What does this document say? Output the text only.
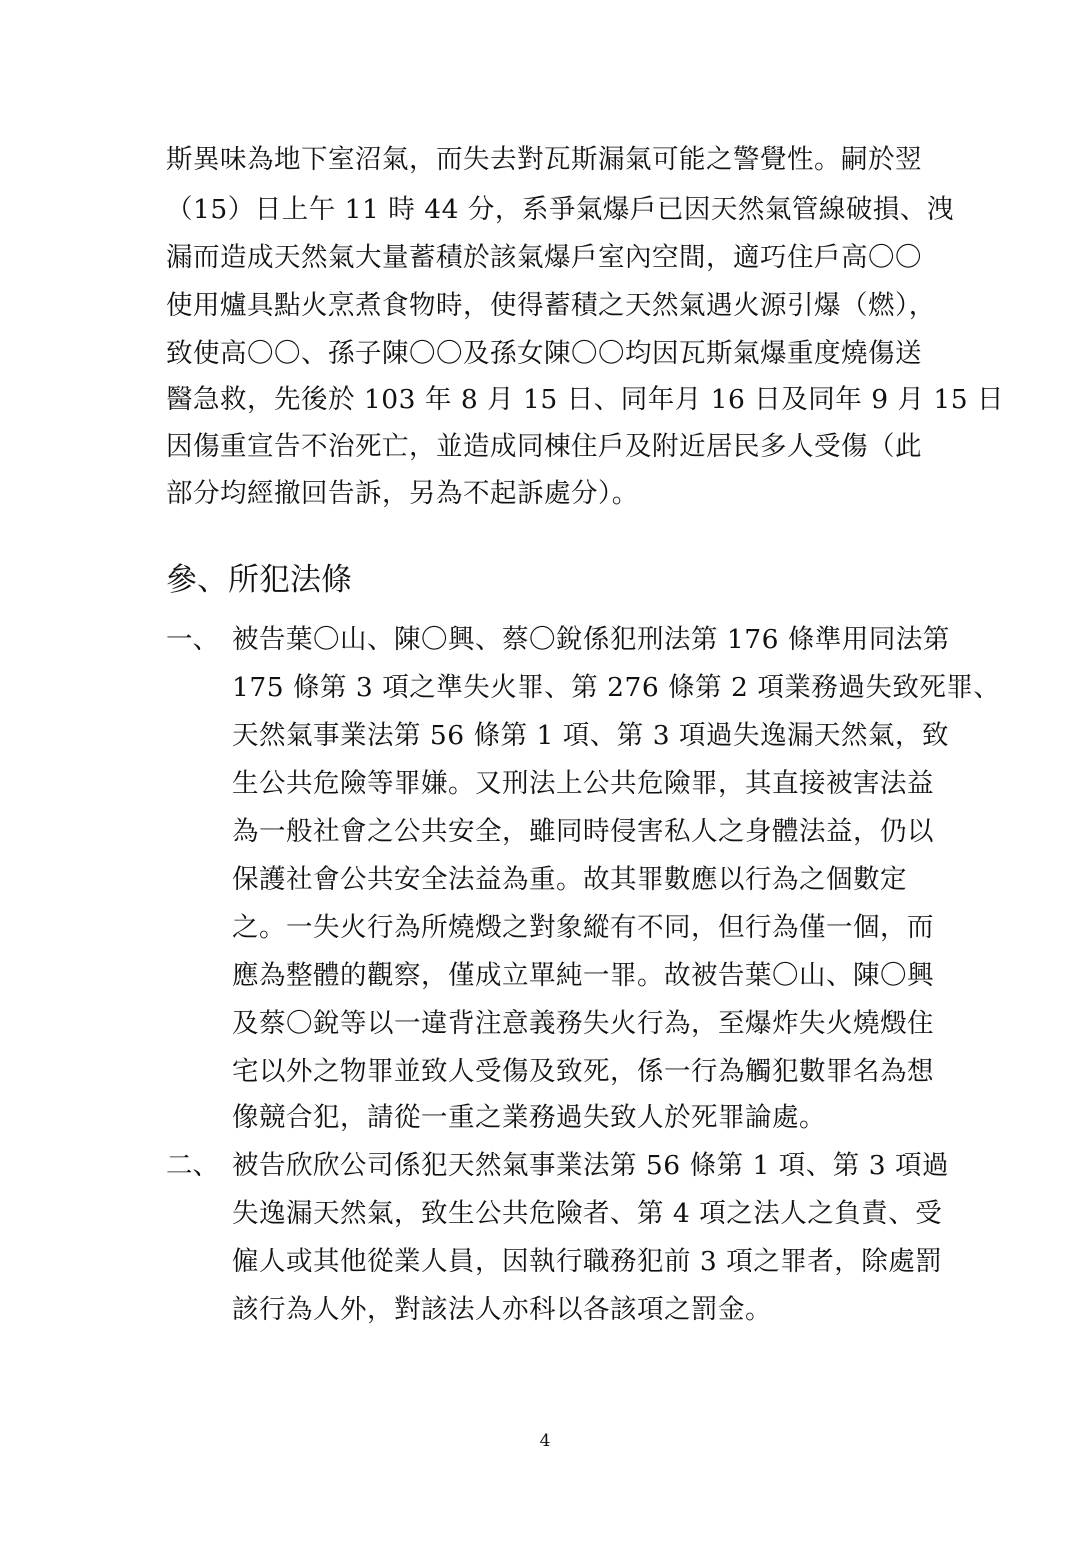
斯異味為地下室沼氣，而失去對瓦斯漏氣可能之警覺性。嗣於翌
（15）日上午 11 時 44 分，系爭氣爆戶已因天然氣管線破損、洩
漏而造成天然氣大量蓄積於該氣爆戶室內空間，適巧住戶高〇〇
使用爐具點火烹煮食物時，使得蓄積之天然氣遇火源引爆（燃），
致使高〇〇、孫子陳〇〇及孫女陳〇〇均因瓦斯氣爆重度燒傷送
醫急救，先後於 103 年 8 月 15 日、同年月 16 日及同年 9 月 15 日
因傷重宣告不治死亡，並造成同棟住戶及附近居民多人受傷（此
部分均經撤回告訴，另為不起訴處分）。
參、所犯法條
一、 被告葉〇山、陳〇興、蔡〇銳係犯刑法第 176 條準用同法第
175 條第 3 項之準失火罪、第 276 條第 2 項業務過失致死罪、
天然氣事業法第 56 條第 1 項、第 3 項過失逸漏天然氣，致
生公共危險等罪嫌。又刑法上公共危險罪，其直接被害法益
為一般社會之公共安全，雖同時侵害私人之身體法益，仍以
保護社會公共安全法益為重。故其罪數應以行為之個數定
之。一失火行為所燒燬之對象縱有不同，但行為僅一個，而
應為整體的觀察，僅成立單純一罪。故被告葉〇山、陳〇興
及蔡〇銳等以一違背注意義務失火行為，至爆炸失火燒燬住
宅以外之物罪並致人受傷及致死，係一行為觸犯數罪名為想
像競合犯，請從一重之業務過失致人於死罪論處。
二、 被告欣欣公司係犯天然氣事業法第 56 條第 1 項、第 3 項過
失逸漏天然氣，致生公共危險者、第 4 項之法人之負責、受
僱人或其他從業人員，因執行職務犯前 3 項之罪者，除處罰
該行為人外，對該法人亦科以各該項之罰金。
4
